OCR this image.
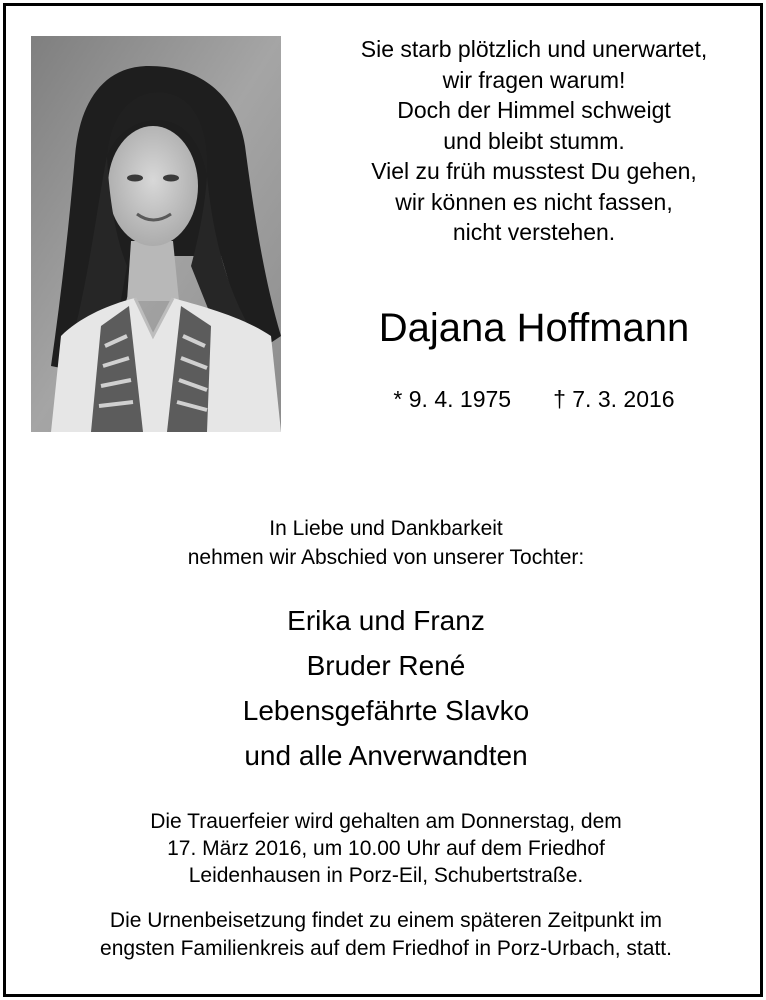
Sie starb plötzlich und unerwartet,
wir fragen warum!
Doch der Himmel schweigt
und bleibt stumm.
Viel zu früh musstest Du gehen,
wir können es nicht fassen,
nicht verstehen.
Dajana Hoffmann
* 9. 4. 1975 † 7. 3. 2016
In Liebe und Dankbarkeit
nehmen wir Abschied von unserer Tochter:
Erika und Franz
Bruder René
Lebensgefährte Slavko
und alle Anverwandten
Die Trauerfeier wird gehalten am Donnerstag, dem
17. März 2016, um 10.00 Uhr auf dem Friedhof
Leidenhausen in Porz-Eil, Schubertstraße.
Die Urnenbeisetzung findet zu einem späteren Zeitpunkt im
engsten Familienkreis auf dem Friedhof in Porz-Urbach, statt.
